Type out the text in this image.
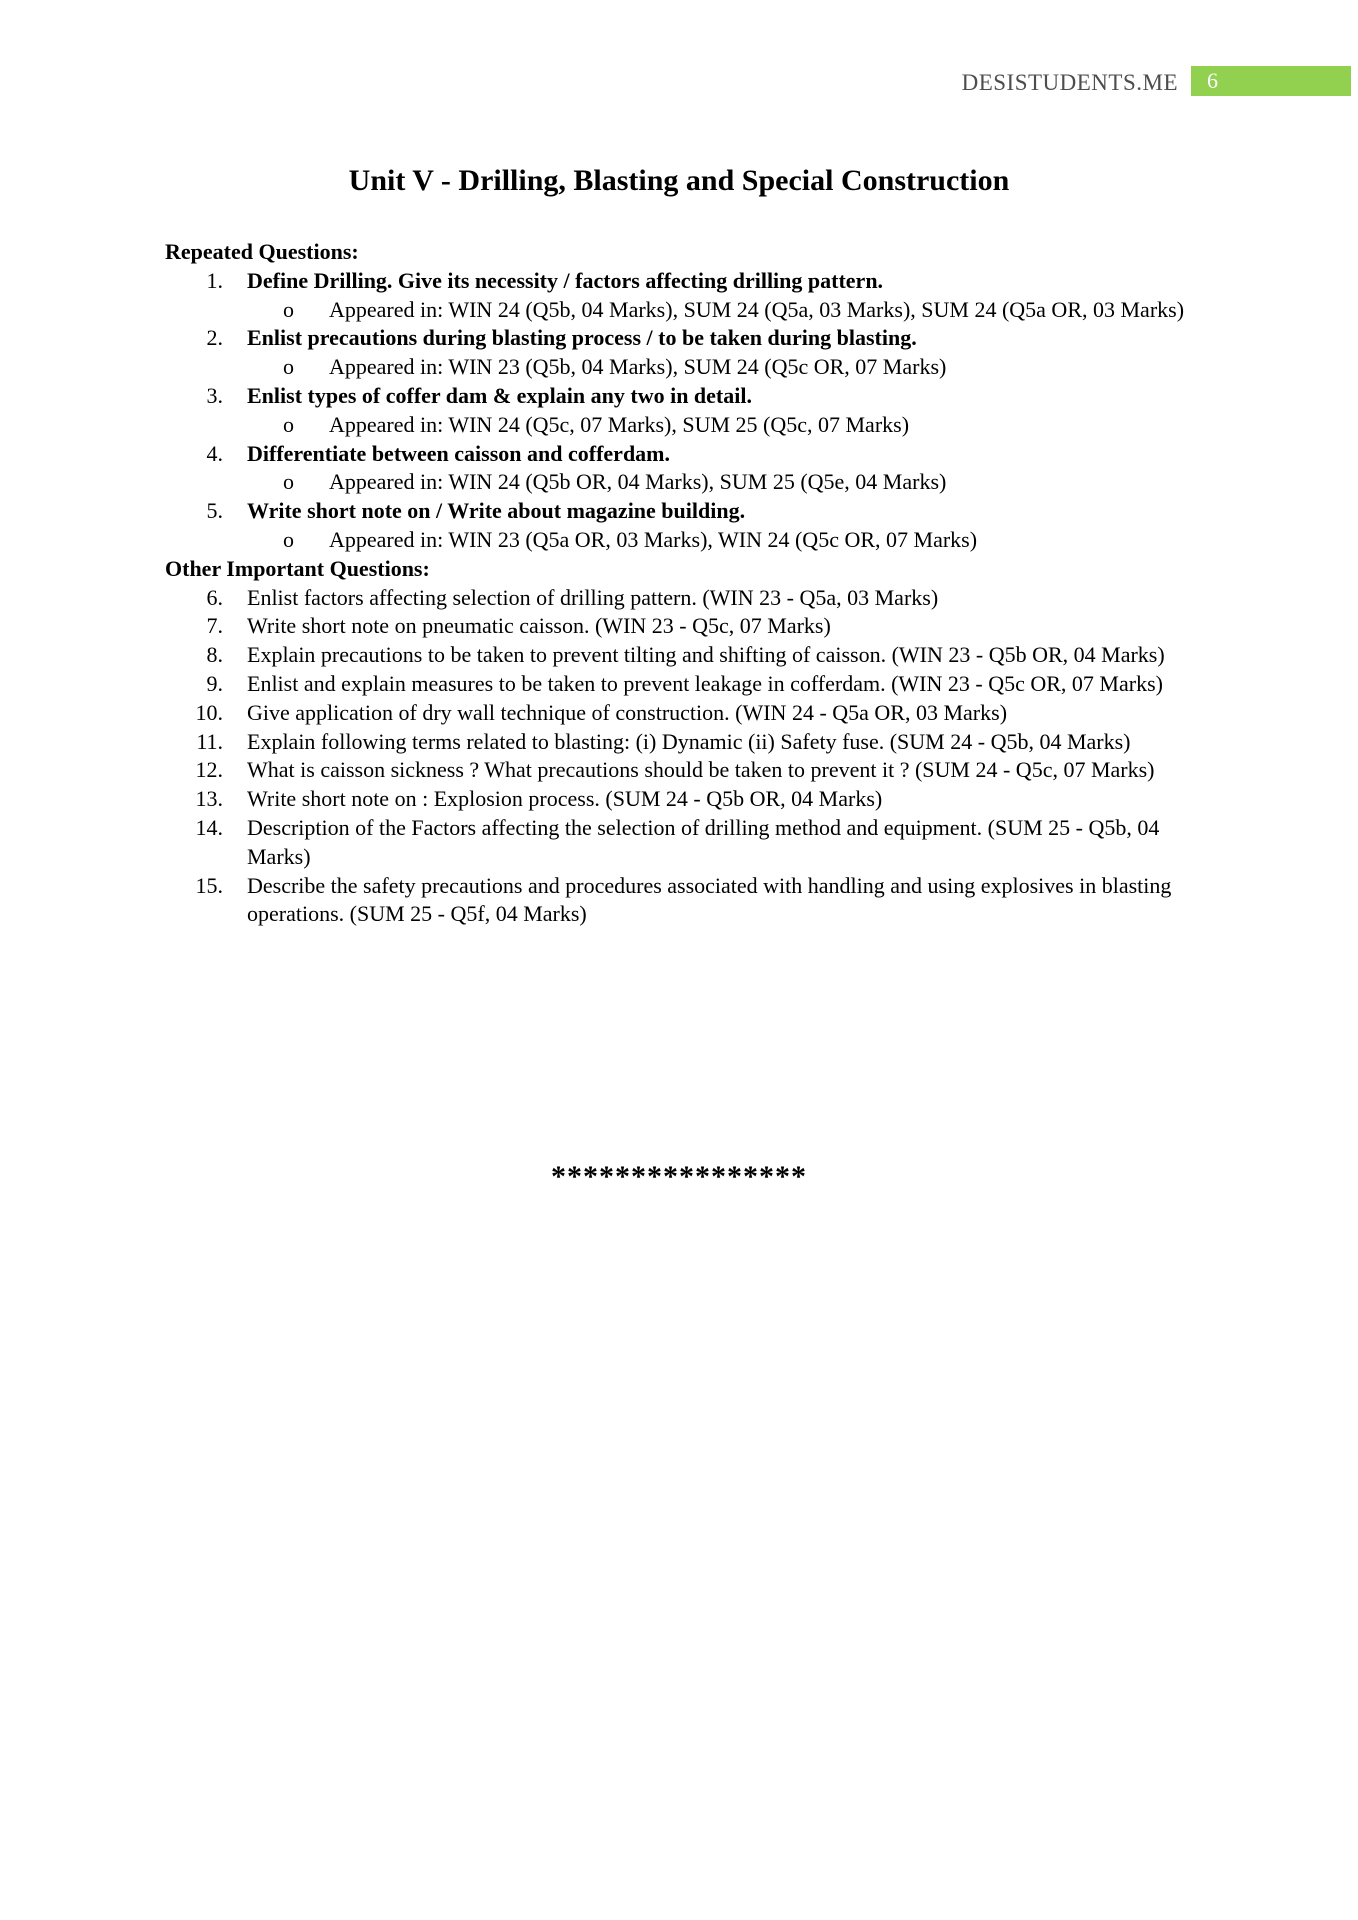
DESISTUDENTS.ME	6
Unit V - Drilling, Blasting and Special Construction
Repeated Questions:
1. Define Drilling. Give its necessity / factors affecting drilling pattern.
o Appeared in: WIN 24 (Q5b, 04 Marks), SUM 24 (Q5a, 03 Marks), SUM 24 (Q5a OR, 03 Marks)
2. Enlist precautions during blasting process / to be taken during blasting.
o Appeared in: WIN 23 (Q5b, 04 Marks), SUM 24 (Q5c OR, 07 Marks)
3. Enlist types of coffer dam & explain any two in detail.
o Appeared in: WIN 24 (Q5c, 07 Marks), SUM 25 (Q5c, 07 Marks)
4. Differentiate between caisson and cofferdam.
o Appeared in: WIN 24 (Q5b OR, 04 Marks), SUM 25 (Q5e, 04 Marks)
5. Write short note on / Write about magazine building.
o Appeared in: WIN 23 (Q5a OR, 03 Marks), WIN 24 (Q5c OR, 07 Marks)
Other Important Questions:
6. Enlist factors affecting selection of drilling pattern. (WIN 23 - Q5a, 03 Marks)
7. Write short note on pneumatic caisson. (WIN 23 - Q5c, 07 Marks)
8. Explain precautions to be taken to prevent tilting and shifting of caisson. (WIN 23 - Q5b OR, 04 Marks)
9. Enlist and explain measures to be taken to prevent leakage in cofferdam. (WIN 23 - Q5c OR, 07 Marks)
10. Give application of dry wall technique of construction. (WIN 24 - Q5a OR, 03 Marks)
11. Explain following terms related to blasting: (i) Dynamic (ii) Safety fuse. (SUM 24 - Q5b, 04 Marks)
12. What is caisson sickness ? What precautions should be taken to prevent it ? (SUM 24 - Q5c, 07 Marks)
13. Write short note on : Explosion process. (SUM 24 - Q5b OR, 04 Marks)
14. Description of the Factors affecting the selection of drilling method and equipment. (SUM 25 - Q5b, 04 Marks)
15. Describe the safety precautions and procedures associated with handling and using explosives in blasting operations. (SUM 25 - Q5f, 04 Marks)
****************
